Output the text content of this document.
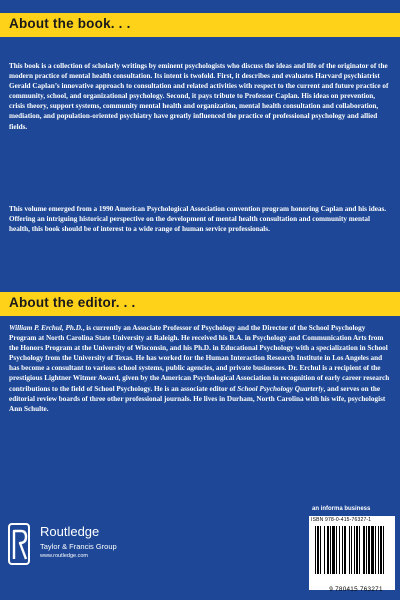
About the book. . .
This book is a collection of scholarly writings by eminent psychologists who discuss the ideas and life of the originator of the modern practice of mental health consultation. Its intent is twofold. First, it describes and evaluates Harvard psychiatrist Gerald Caplan’s innovative approach to consultation and related activities with respect to the current and future practice of community, school, and organizational psychology. Second, it pays tribute to Professor Caplan. His ideas on prevention, crisis theory, support systems, community mental health and organization, mental health consultation and collaboration, mediation, and population-oriented psychiatry have greatly influenced the practice of professional psychology and allied fields.
This volume emerged from a 1990 American Psychological Association convention program honoring Caplan and his ideas. Offering an intriguing historical perspective on the development of mental health consultation and community mental health, this book should be of interest to a wide range of human service professionals.
About the editor. . .
William P. Erchul, Ph.D., is currently an Associate Professor of Psychology and the Director of the School Psychology Program at North Carolina State University at Raleigh. He received his B.A. in Psychology and Communication Arts from the Honors Program at the University of Wisconsin, and his Ph.D. in Educational Psychology with a specialization in School Psychology from the University of Texas. He has worked for the Human Interaction Research Institute in Los Angeles and has become a consultant to various school systems, public agencies, and private businesses. Dr. Erchul is a recipient of the prestigious Lightner Witmer Award, given by the American Psychological Association in recognition of early career research contributions to the field of School Psychology. He is an associate editor of School Psychology Quarterly, and serves on the editorial review boards of three other professional journals. He lives in Durham, North Carolina with his wife, psychologist Ann Schulte.
an informa business
Routledge
Taylor & Francis Group
www.routledge.com
ISBN 978-0-415-76327-1
9 780415 763271
